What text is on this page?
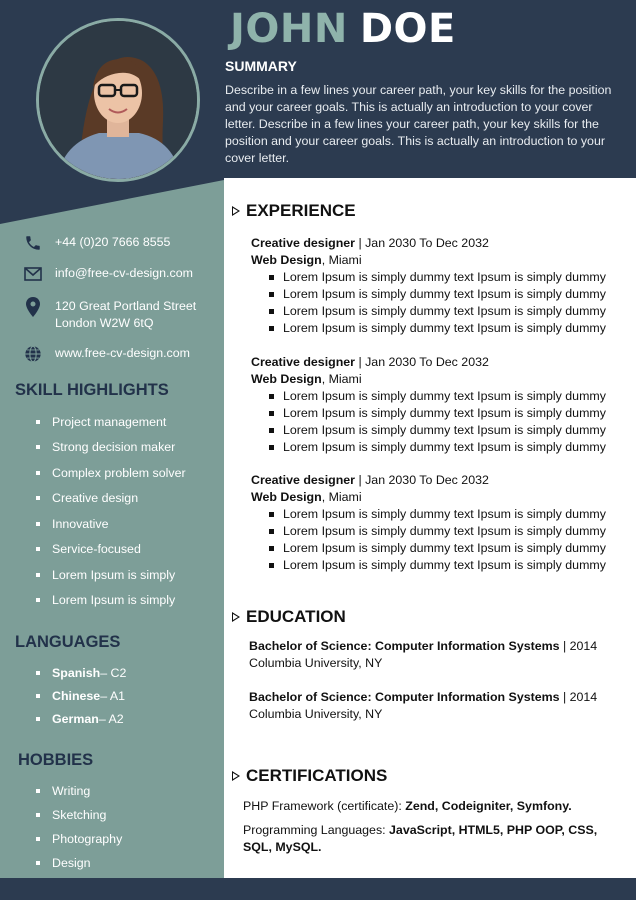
JOHN DOE
SUMMARY
Describe in a few lines your career path, your key skills for the position and your career goals. This is actually an introduction to your cover letter. Describe in a few lines your career path, your key skills for the position and your career goals. This is actually an introduction to your cover letter.
+44 (0)20 7666 8555
info@free-cv-design.com
120 Great Portland Street
London W2W 6tQ
www.free-cv-design.com
SKILL HIGHLIGHTS
Project management
Strong decision maker
Complex problem solver
Creative design
Innovative
Service-focused
Lorem Ipsum is simply
Lorem Ipsum is simply
LANGUAGES
Spanish – C2
Chinese – A1
German – A2
HOBBIES
Writing
Sketching
Photography
Design
EXPERIENCE
Creative designer | Jan 2030 To Dec 2032
Web Design, Miami
Lorem Ipsum is simply dummy text Ipsum is simply dummy
Lorem Ipsum is simply dummy text Ipsum is simply dummy
Lorem Ipsum is simply dummy text Ipsum is simply dummy
Lorem Ipsum is simply dummy text Ipsum is simply dummy
Creative designer | Jan 2030 To Dec 2032
Web Design, Miami
Lorem Ipsum is simply dummy text Ipsum is simply dummy
Lorem Ipsum is simply dummy text Ipsum is simply dummy
Lorem Ipsum is simply dummy text Ipsum is simply dummy
Lorem Ipsum is simply dummy text Ipsum is simply dummy
Creative designer | Jan 2030 To Dec 2032
Web Design, Miami
Lorem Ipsum is simply dummy text Ipsum is simply dummy
Lorem Ipsum is simply dummy text Ipsum is simply dummy
Lorem Ipsum is simply dummy text Ipsum is simply dummy
Lorem Ipsum is simply dummy text Ipsum is simply dummy
EDUCATION
Bachelor of Science: Computer Information Systems | 2014
Columbia University, NY
Bachelor of Science: Computer Information Systems | 2014
Columbia University, NY
CERTIFICATIONS
PHP Framework (certificate): Zend, Codeigniter, Symfony.
Programming Languages: JavaScript, HTML5, PHP OOP, CSS, SQL, MySQL.
